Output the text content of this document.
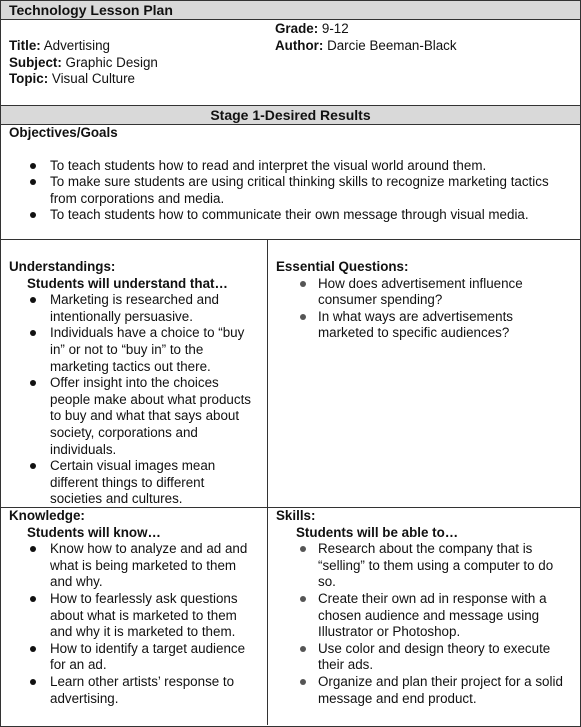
Technology Lesson Plan
Title: Advertising
Subject: Graphic Design
Topic: Visual Culture
Grade: 9-12
Author: Darcie Beeman-Black
Stage 1-Desired Results
Objectives/Goals
To teach students how to read and interpret the visual world around them.
To make sure students are using critical thinking skills to recognize marketing tactics from corporations and media.
To teach students how to communicate their own message through visual media.
Understandings:
Students will understand that…
Marketing is researched and intentionally persuasive.
Individuals have a choice to “buy in” or not to “buy in” to the marketing tactics out there.
Offer insight into the choices people make about what products to buy and what that says about society, corporations and individuals.
Certain visual images mean different things to different societies and cultures.
Essential Questions:
How does advertisement influence consumer spending?
In what ways are advertisements marketed to specific audiences?
Knowledge:
Students will know…
Know how to analyze and ad and what is being marketed to them and why.
How to fearlessly ask questions about what is marketed to them and why it is marketed to them.
How to identify a target audience for an ad.
Learn other artists’ response to advertising.
Skills:
Students will be able to…
Research about the company that is “selling” to them using a computer to do so.
Create their own ad in response with a chosen audience and message using Illustrator or Photoshop.
Use color and design theory to execute their ads.
Organize and plan their project for a solid message and end product.
